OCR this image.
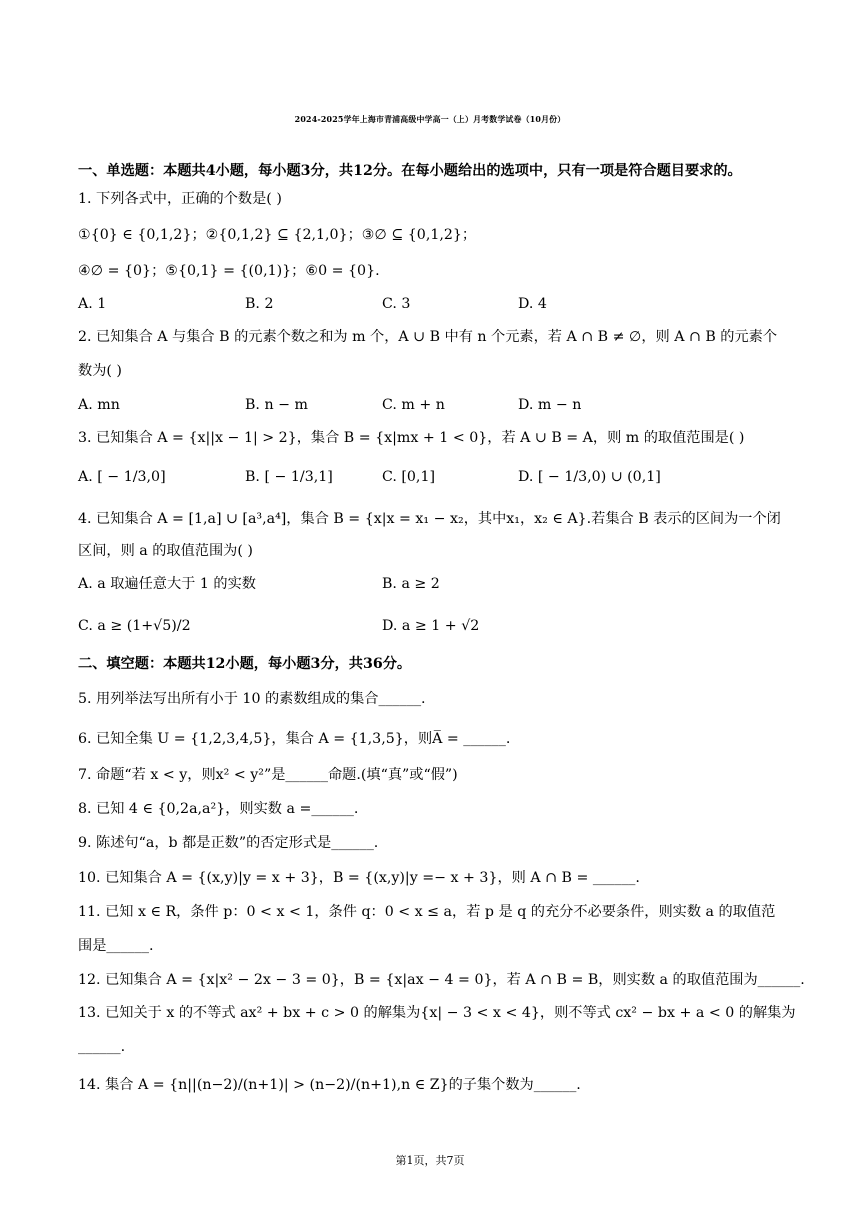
2024-2025学年上海市青浦高级中学高一（上）月考数学试卷（10月份）
一、单选题：本题共4小题，每小题3分，共12分。在每小题给出的选项中，只有一项是符合题目要求的。
1. 下列各式中，正确的个数是( )
①{0} ∈ {0,1,2}；②{0,1,2} ⊆ {2,1,0}；③∅ ⊆ {0,1,2}；
④∅ = {0}；⑤{0,1} = {(0,1)}；⑥0 = {0}.
A. 1	B. 2	C. 3	D. 4
2. 已知集合 A 与集合 B 的元素个数之和为 m 个，A ∪ B 中有 n 个元素，若 A ∩ B ≠ ∅，则 A ∩ B 的元素个
数为( )
A. mn	B. n − m	C. m + n	D. m − n
3. 已知集合 A = {x||x − 1| > 2}，集合 B = {x|mx + 1 < 0}，若 A ∪ B = A，则 m 的取值范围是( )
A. [ − 1/3,0]	B. [ − 1/3,1]	C. [0,1]	D. [ − 1/3,0) ∪ (0,1]
4. 已知集合 A = [1,a] ∪ [a³,a⁴]，集合 B = {x|x = x₁ − x₂，其中x₁，x₂ ∈ A}.若集合 B 表示的区间为一个闭
区间，则 a 的取值范围为( )
A. a 取遍任意大于 1 的实数	B. a ≥ 2
C. a ≥ (1+√5)/2	D. a ≥ 1 + √2
二、填空题：本题共12小题，每小题3分，共36分。
5. 用列举法写出所有小于 10 的素数组成的集合______.
6. 已知全集 U = {1,2,3,4,5}，集合 A = {1,3,5}，则A̅ = ______.
7. 命题“若 x < y，则x² < y²”是______命题.(填“真”或“假”)
8. 已知 4 ∈ {0,2a,a²}，则实数 a =______.
9. 陈述句“a，b 都是正数”的否定形式是______.
10. 已知集合 A = {(x,y)|y = x + 3}，B = {(x,y)|y =− x + 3}，则 A ∩ B = ______.
11. 已知 x ∈ R，条件 p：0 < x < 1，条件 q：0 < x ≤ a，若 p 是 q 的充分不必要条件，则实数 a 的取值范
围是______.
12. 已知集合 A = {x|x² − 2x − 3 = 0}，B = {x|ax − 4 = 0}，若 A ∩ B = B，则实数 a 的取值范围为______.
13. 已知关于 x 的不等式 ax² + bx + c > 0 的解集为{x| − 3 < x < 4}，则不等式 cx² − bx + a < 0 的解集为
______.
14. 集合 A = {n||(n−2)/(n+1)| > (n−2)/(n+1),n ∈ Z}的子集个数为______.
第1页，共7页
